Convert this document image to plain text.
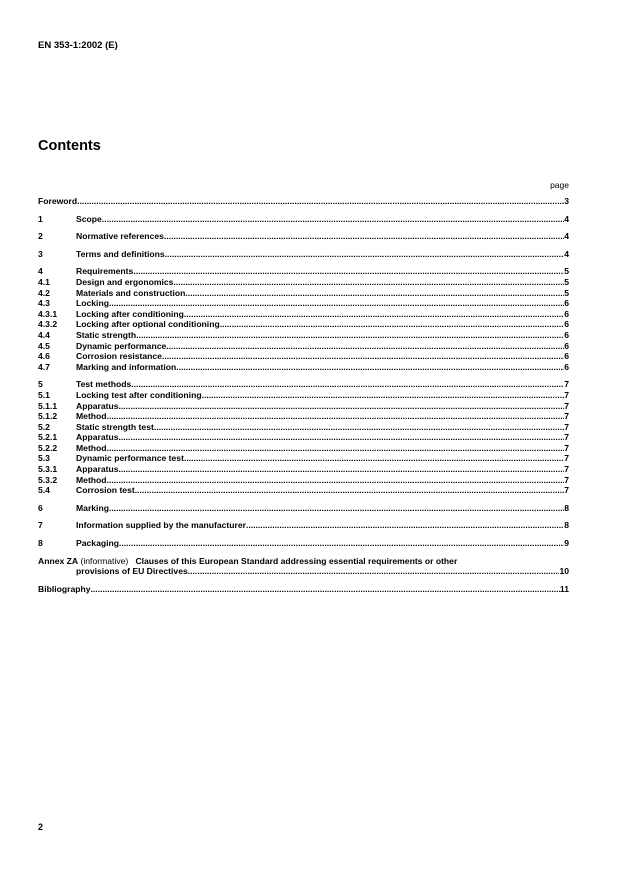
EN 353-1:2002 (E)
Contents
page
Foreword .....	3
1	Scope .....	4
2	Normative references .....	4
3	Terms and definitions .....	4
4	Requirements .....	5
4.1	Design and ergonomics .....	5
4.2	Materials and construction .....	5
4.3	Locking .....	6
4.3.1	Locking after conditioning .....	6
4.3.2	Locking after optional conditioning .....	6
4.4	Static strength .....	6
4.5	Dynamic performance .....	6
4.6	Corrosion resistance .....	6
4.7	Marking and information .....	6
5	Test methods .....	7
5.1	Locking test after conditioning .....	7
5.1.1	Apparatus .....	7
5.1.2	Method .....	7
5.2	Static strength test .....	7
5.2.1	Apparatus .....	7
5.2.2	Method .....	7
5.3	Dynamic performance test .....	7
5.3.1	Apparatus .....	7
5.3.2	Method .....	7
5.4	Corrosion test .....	7
6	Marking .....	8
7	Information supplied by the manufacturer .....	8
8	Packaging .....	9
Annex ZA
(informative)
Clauses of this European Standard addressing essential requirements or other
provisions of EU Directives .....	10
Bibliography .....	11
2
